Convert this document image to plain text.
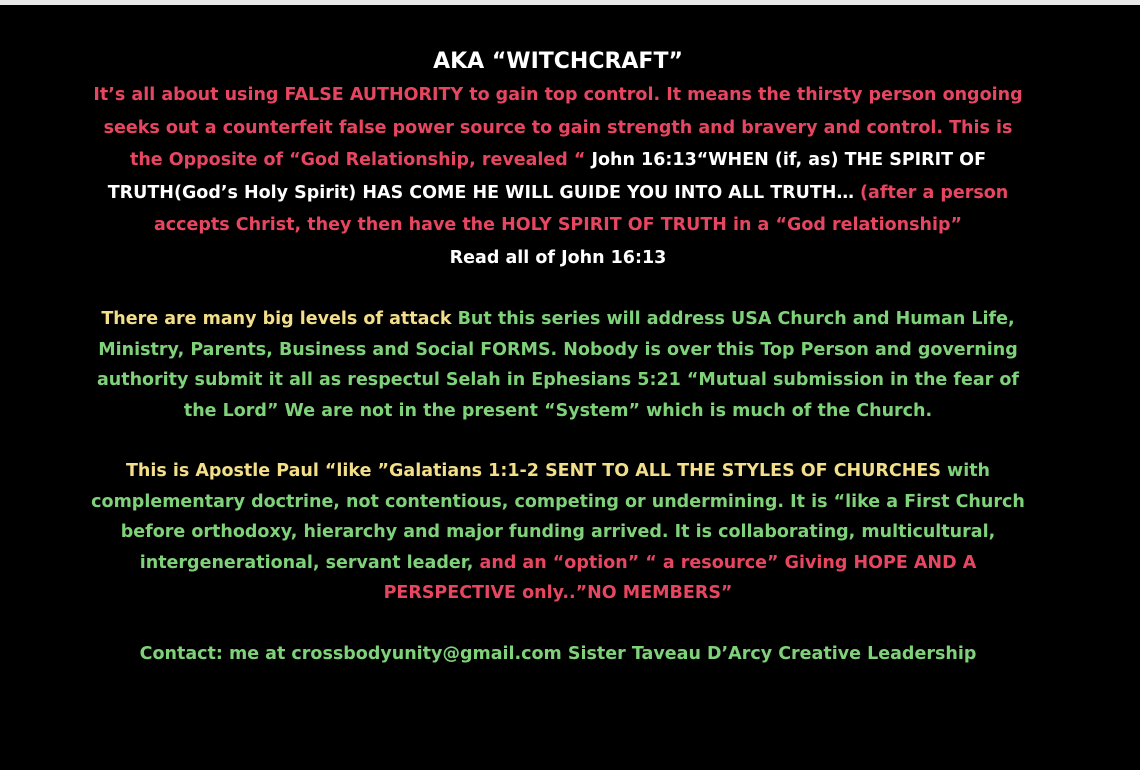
AKA “WITCHCRAFT”

It’s all about using FALSE AUTHORITY to gain top control. It means the thirsty person ongoing seeks out a counterfeit false power source to gain strength and bravery and control. This is the Opposite of “God Relationship, revealed “ John 16:13“WHEN (if, as) THE SPIRIT OF TRUTH(God’s Holy Spirit) HAS COME HE WILL GUIDE YOU INTO ALL TRUTH… (after a person accepts Christ, they then have the HOLY SPIRIT OF TRUTH in a “God relationship”
Read all of John 16:13

There are many big levels of attack But this series will address USA Church and Human Life, Ministry, Parents, Business and Social FORMS. Nobody is over this Top Person and governing authority submit it all as respectul Selah in Ephesians 5:21 “Mutual submission in the fear of the Lord” We are not in the present “System” which is much of the Church.

This is Apostle Paul “like ”Galatians 1:1-2 SENT TO ALL THE STYLES OF CHURCHES with complementary doctrine, not contentious, competing or undermining. It is “like a First Church before orthodoxy, hierarchy and major funding arrived. It is collaborating, multicultural, intergenerational, servant leader, and an “option” “ a resource” Giving HOPE AND A PERSPECTIVE only..”NO MEMBERS”

Contact: me at crossbodyunity@gmail.com Sister Taveau D’Arcy Creative Leadership
